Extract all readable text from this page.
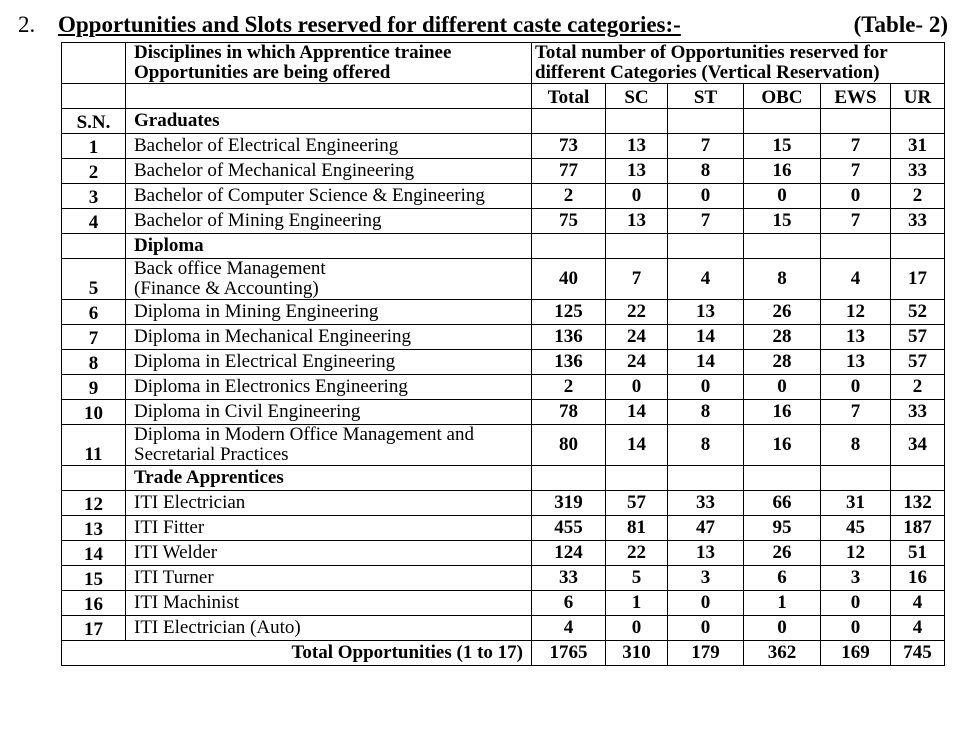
2. Opportunities and Slots reserved for different caste categories:-	(Table- 2)
	Disciplines in which Apprentice trainee Opportunities are being offered	Total number of Opportunities reserved for different Categories (Vertical Reservation)					
		Total	SC	ST	OBC	EWS	UR
S.N.	Graduates						
1	Bachelor of Electrical Engineering	73	13	7	15	7	31
2	Bachelor of Mechanical Engineering	77	13	8	16	7	33
3	Bachelor of Computer Science & Engineering	2	0	0	0	0	2
4	Bachelor of Mining Engineering	75	13	7	15	7	33
	Diploma						
5	Back office Management
(Finance & Accounting)	40	7	4	8	4	17
6	Diploma in Mining Engineering	125	22	13	26	12	52
7	Diploma in Mechanical Engineering	136	24	14	28	13	57
8	Diploma in Electrical Engineering	136	24	14	28	13	57
9	Diploma in Electronics Engineering	2	0	0	0	0	2
10	Diploma in Civil Engineering	78	14	8	16	7	33
11	Diploma in Modern Office Management and
Secretarial Practices	80	14	8	16	8	34
	Trade Apprentices						
12	ITI Electrician	319	57	33	66	31	132
13	ITI Fitter	455	81	47	95	45	187
14	ITI Welder	124	22	13	26	12	51
15	ITI Turner	33	5	3	6	3	16
16	ITI Machinist	6	1	0	1	0	4
17	ITI Electrician (Auto)	4	0	0	0	0	4
Total Opportunities (1 to 17)		1765	310	179	362	169	745
